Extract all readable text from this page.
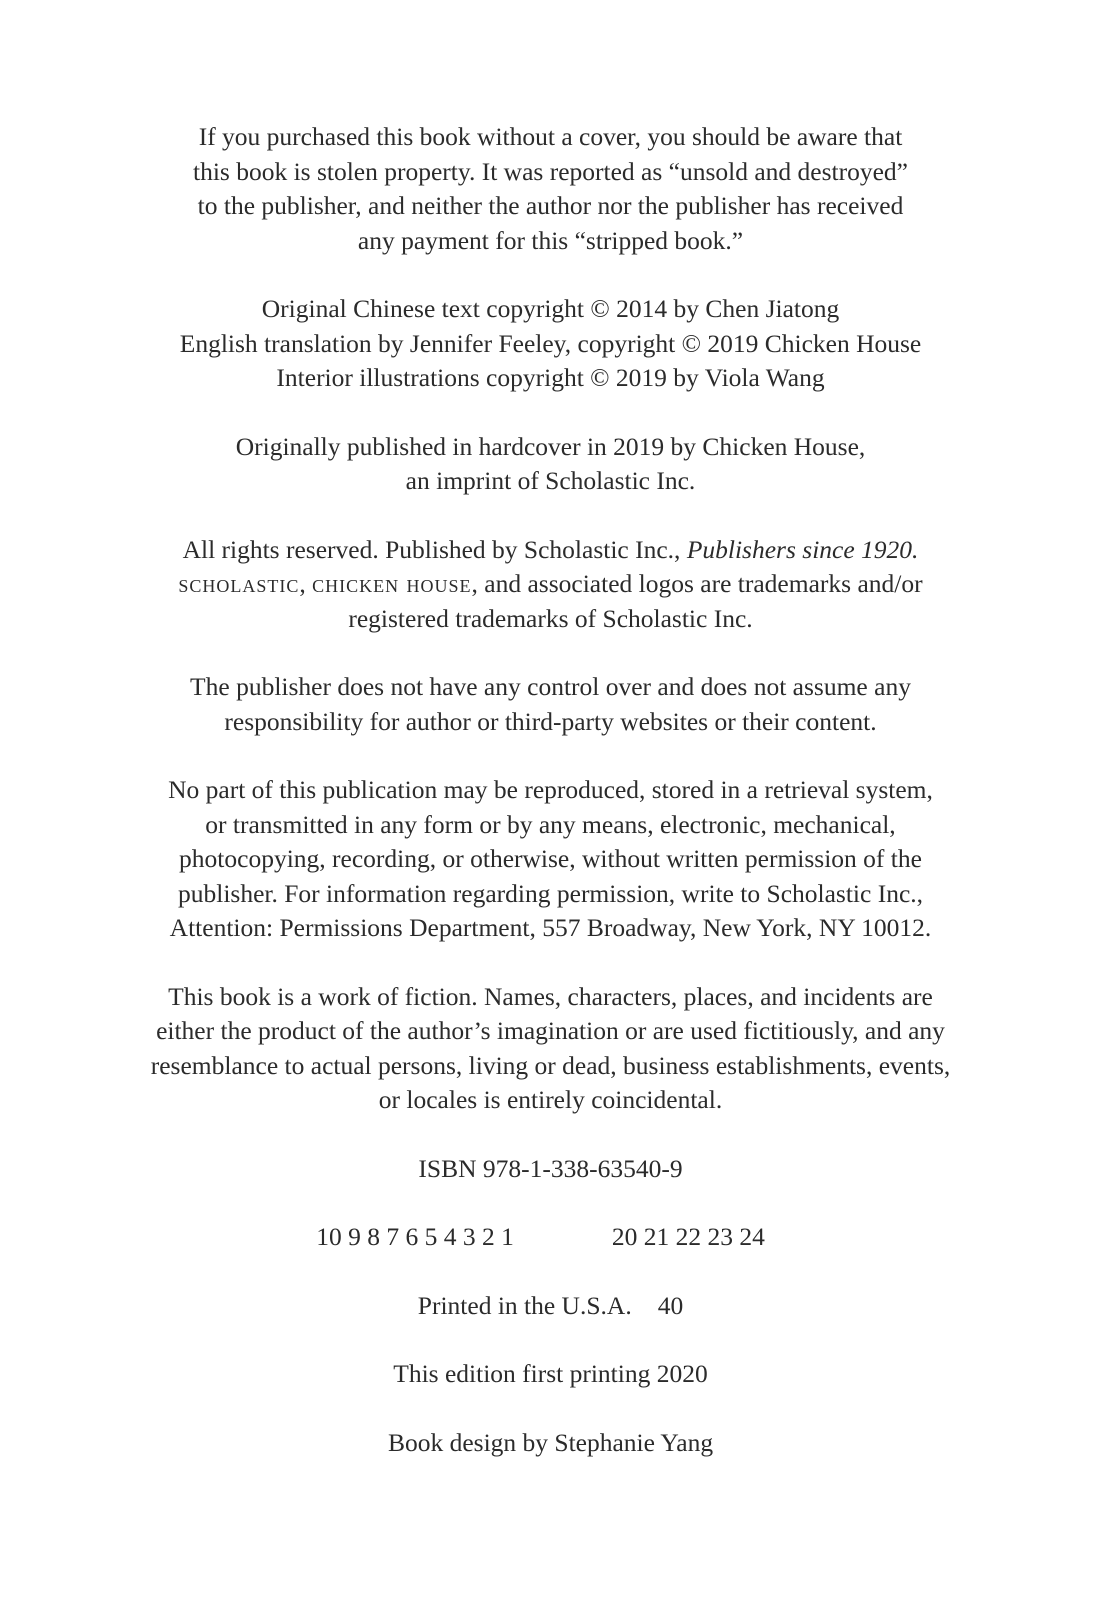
If you purchased this book without a cover, you should be aware that
this book is stolen property. It was reported as “unsold and destroyed”
to the publisher, and neither the author nor the publisher has received
any payment for this “stripped book.”
Original Chinese text copyright © 2014 by Chen Jiatong
English translation by Jennifer Feeley, copyright © 2019 Chicken House
Interior illustrations copyright © 2019 by Viola Wang
Originally published in hardcover in 2019 by Chicken House,
an imprint of Scholastic Inc.
All rights reserved. Published by Scholastic Inc., Publishers since 1920.
scholastic, chicken house, and associated logos are trademarks and/or
registered trademarks of Scholastic Inc.
The publisher does not have any control over and does not assume any
responsibility for author or third-party websites or their content.
No part of this publication may be reproduced, stored in a retrieval system,
or transmitted in any form or by any means, electronic, mechanical,
photocopying, recording, or otherwise, without written permission of the
publisher. For information regarding permission, write to Scholastic Inc.,
Attention: Permissions Department, 557 Broadway, New York, NY 10012.
This book is a work of fiction. Names, characters, places, and incidents are
either the product of the author’s imagination or are used fictitiously, and any
resemblance to actual persons, living or dead, business establishments, events,
or locales is entirely coincidental.
ISBN 978-1-338-63540-9
10 9 8 7 6 5 4 3 2 1	20 21 22 23 24
Printed in the U.S.A. 40
This edition first printing 2020
Book design by Stephanie Yang
